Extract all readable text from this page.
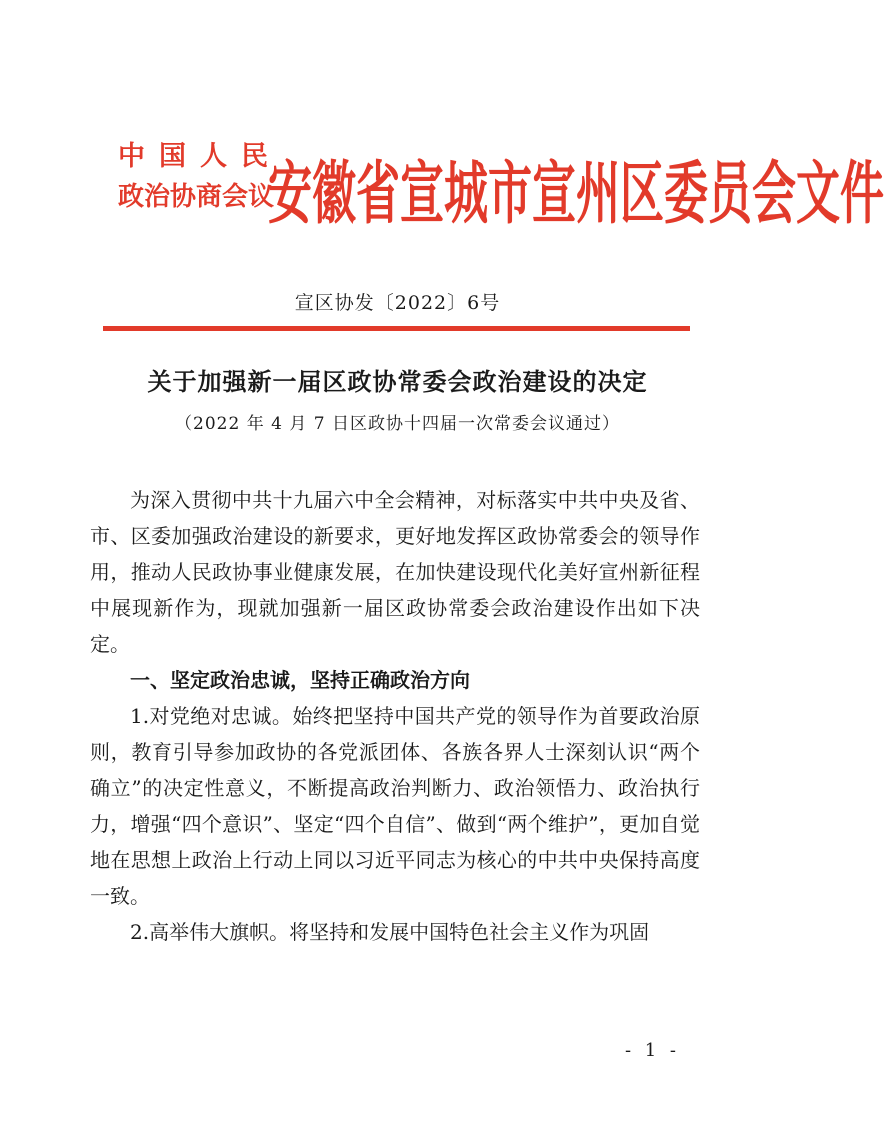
中国人民
政治协商会议
安徽省宣城市宣州区委员会文件
宣区协发〔2022〕6号
关于加强新一届区政协常委会政治建设的决定
（2022 年 4 月 7 日区政协十四届一次常委会议通过）

为深入贯彻中共十九届六中全会精神，对标落实中共中央及省、市、区委加强政治建设的新要求，更好地发挥区政协常委会的领导作用，推动人民政协事业健康发展，在加快建设现代化美好宣州新征程中展现新作为，现就加强新一届区政协常委会政治建设作出如下决定。

一、坚定政治忠诚，坚持正确政治方向

1.对党绝对忠诚。始终把坚持中国共产党的领导作为首要政治原则，教育引导参加政协的各党派团体、各族各界人士深刻认识“两个确立”的决定性意义，不断提高政治判断力、政治领悟力、政治执行力，增强“四个意识”、坚定“四个自信”、做到“两个维护”，更加自觉地在思想上政治上行动上同以习近平同志为核心的中共中央保持高度一致。

2.高举伟大旗帜。将坚持和发展中国特色社会主义作为巩固

- 1 -
